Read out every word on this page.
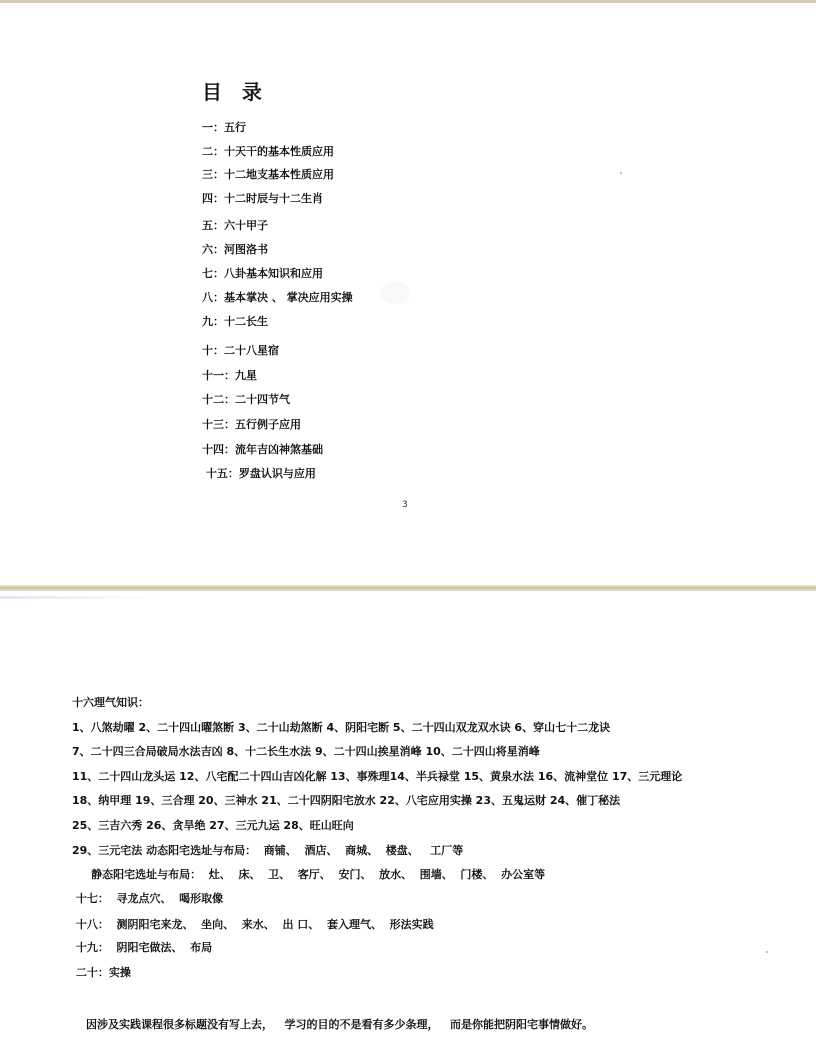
目  录
一：五行
二：十天干的基本性质应用
三：十二地支基本性质应用
四：十二时辰与十二生肖
五：六十甲子
六：河图洛书
七：八卦基本知识和应用
八：基本掌决 、 掌决应用实操
九：十二长生
十：二十八星宿
十一：九星
十二：二十四节气
十三：五行例子应用
十四：流年吉凶神煞基础
十五：罗盘认识与应用
3
十六理气知识：
1、八煞劫曜 2、二十四山曜煞断 3、二十山劫煞断 4、阴阳宅断 5、二十四山双龙双水诀 6、穿山七十二龙诀
7、二十四三合局破局水法吉凶 8、十二长生水法 9、二十四山挨星消峰 10、二十四山将星消峰
11、二十四山龙头运 12、八宅配二十四山吉凶化解 13、事殊理14、半兵禄堂 15、黄泉水法 16、流神堂位 17、三元理论
18、纳甲理 19、三合理 20、三神水 21、二十四阴阳宅放水 22、八宅应用实操 23、五鬼运财 24、催丁秘法
25、三吉六秀 26、贪旱绝 27、三元九运 28、旺山旺向
29、三元宅法 动态阳宅选址与布局：  商铺、  酒店、  商城、  楼盘、   工厂等
静态阳宅选址与布局：  灶、  床、  卫、  客厅、  安门、  放水、  围墙、  门楼、  办公室等
十七：  寻龙点穴、  喝形取像
十八：  测阴阳宅来龙、  坐向、  来水、  出 口、  套入理气、  形法实践
十九：  阴阳宅做法、  布局
二十：实操
因涉及实践课程很多标题没有写上去，   学习的目的不是看有多少条理，   而是你能把阴阳宅事情做好。
